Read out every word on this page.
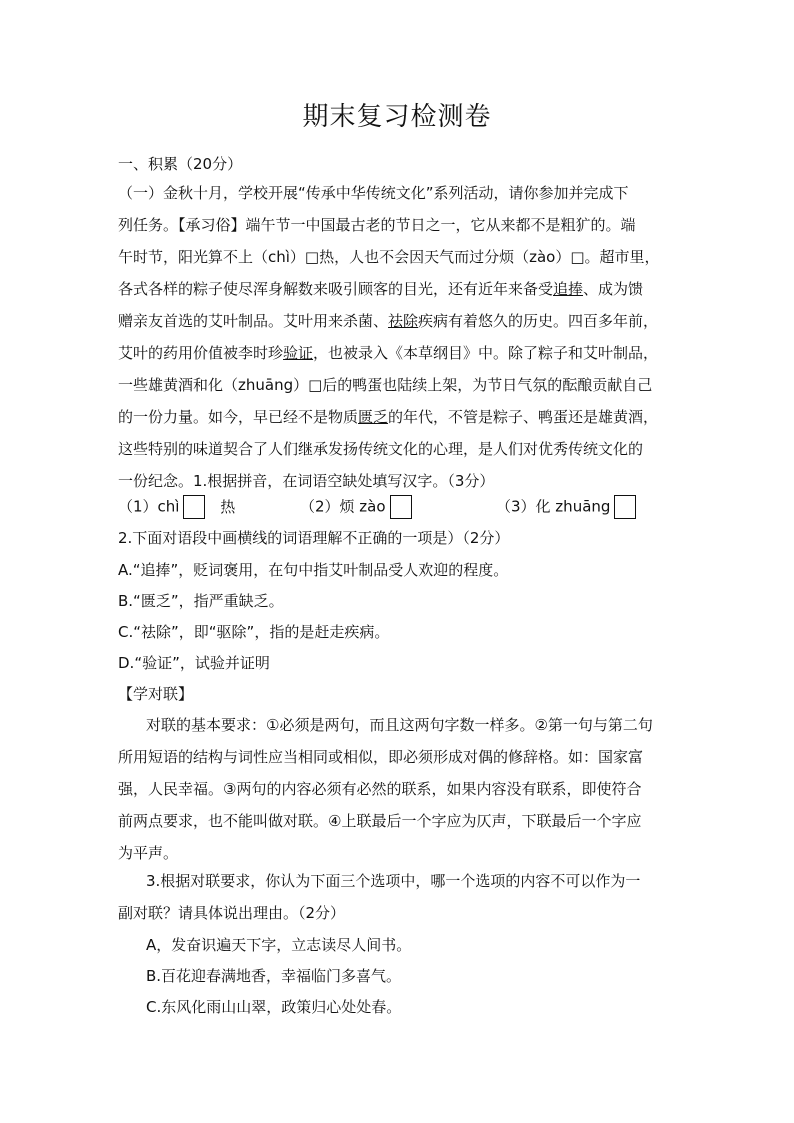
期末复习检测卷
一、积累（20分）
（一）金秋十月，学校开展“传承中华传统文化”系列活动，请你参加并完成下
列任务。【承习俗】端午节一中国最古老的节日之一，它从来都不是粗犷的。端
午时节，阳光算不上（chì）□热，人也不会因天气而过分烦（zào）□。超市里，
各式各样的粽子使尽浑身解数来吸引顾客的目光，还有近年来备受追捧、成为馈
赠亲友首选的艾叶制品。艾叶用来杀菌、祛除疾病有着悠久的历史。四百多年前，
艾叶的药用价值被李时珍验证，也被录入《本草纲目》中。除了粽子和艾叶制品，
一些雄黄酒和化（zhuāng）□后的鸭蛋也陆续上架，为节日气氛的酝酿贡献自己
的一份力量。如今，早已经不是物质匮乏的年代，不管是粽子、鸭蛋还是雄黄酒，
这些特别的味道契合了人们继承发扬传统文化的心理，是人们对优秀传统文化的
一份纪念。1.根据拼音，在词语空缺处填写汉字。（3分）
（1）chì	热	（2）烦 zào	（3）化 zhuāng
2.下面对语段中画横线的词语理解不正确的一项是）（2分）
A.“追捧”，贬词褒用，在句中指艾叶制品受人欢迎的程度。
B.“匮乏”，指严重缺乏。
C.“祛除”，即“驱除”，指的是赶走疾病。
D.“验证”，试验并证明
【学对联】
对联的基本要求：①必须是两句，而且这两句字数一样多。②第一句与第二句
所用短语的结构与词性应当相同或相似，即必须形成对偶的修辞格。如：国家富
强，人民幸福。③两句的内容必须有必然的联系，如果内容没有联系，即使符合
前两点要求，也不能叫做对联。④上联最后一个字应为仄声，下联最后一个字应
为平声。
3.根据对联要求，你认为下面三个选项中，哪一个选项的内容不可以作为一
副对联？请具体说出理由。（2分）
A，发奋识遍天下字，立志读尽人间书。
B.百花迎春满地香，幸福临门多喜气。
C.东风化雨山山翠，政策归心处处春。
